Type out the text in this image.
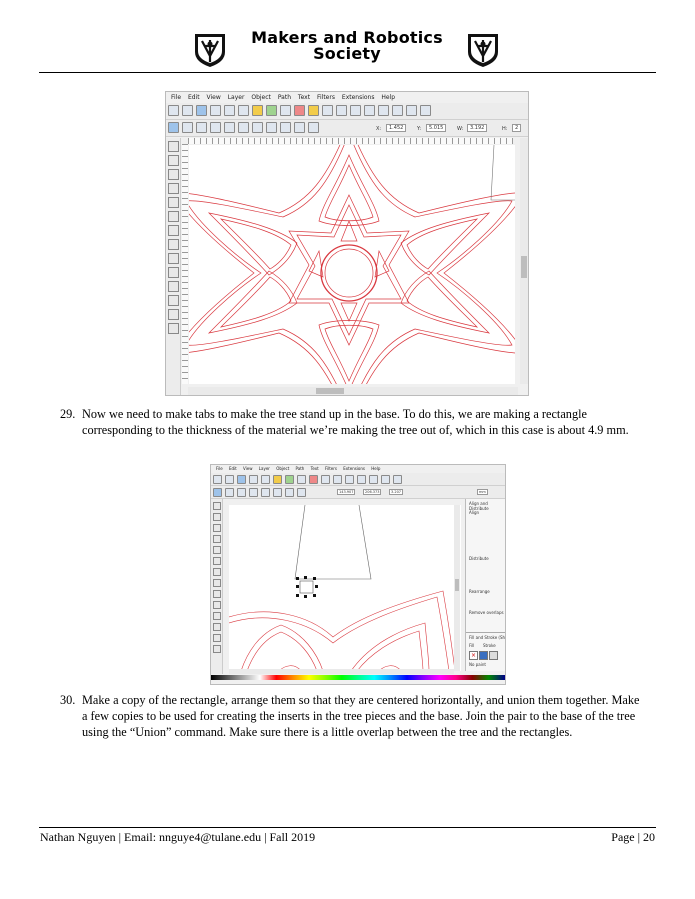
Makers and Robotics
Society
File Edit View Layer Object Path Text Filters Extensions Help
X:	1.452	Y:	5.015	W:	3.192	H:	2
29. Now we need to make tabs to make the tree stand up in the base. To do this, we are making a rectangle corresponding to the thickness of the material we’re making the tree out of, which in this case is about 4.9 mm.
File Edit View Layer Object Path Text Filters Extensions Help
143.907	206.373	3.207	mm
Align and Distribute
Align
Distribute
Rearrange
Remove overlaps
Fill and Stroke (Sh
Fill Stroke
×
No paint
30. Make a copy of the rectangle, arrange them so that they are centered horizontally, and union them together. Make a few copies to be used for creating the inserts in the tree pieces and the base. Join the pair to the base of the tree using the “Union” command. Make sure there is a little overlap between the tree and the rectangles.
Nathan Nguyen | Email: nnguye4@tulane.edu | Fall 2019	Page | 20
